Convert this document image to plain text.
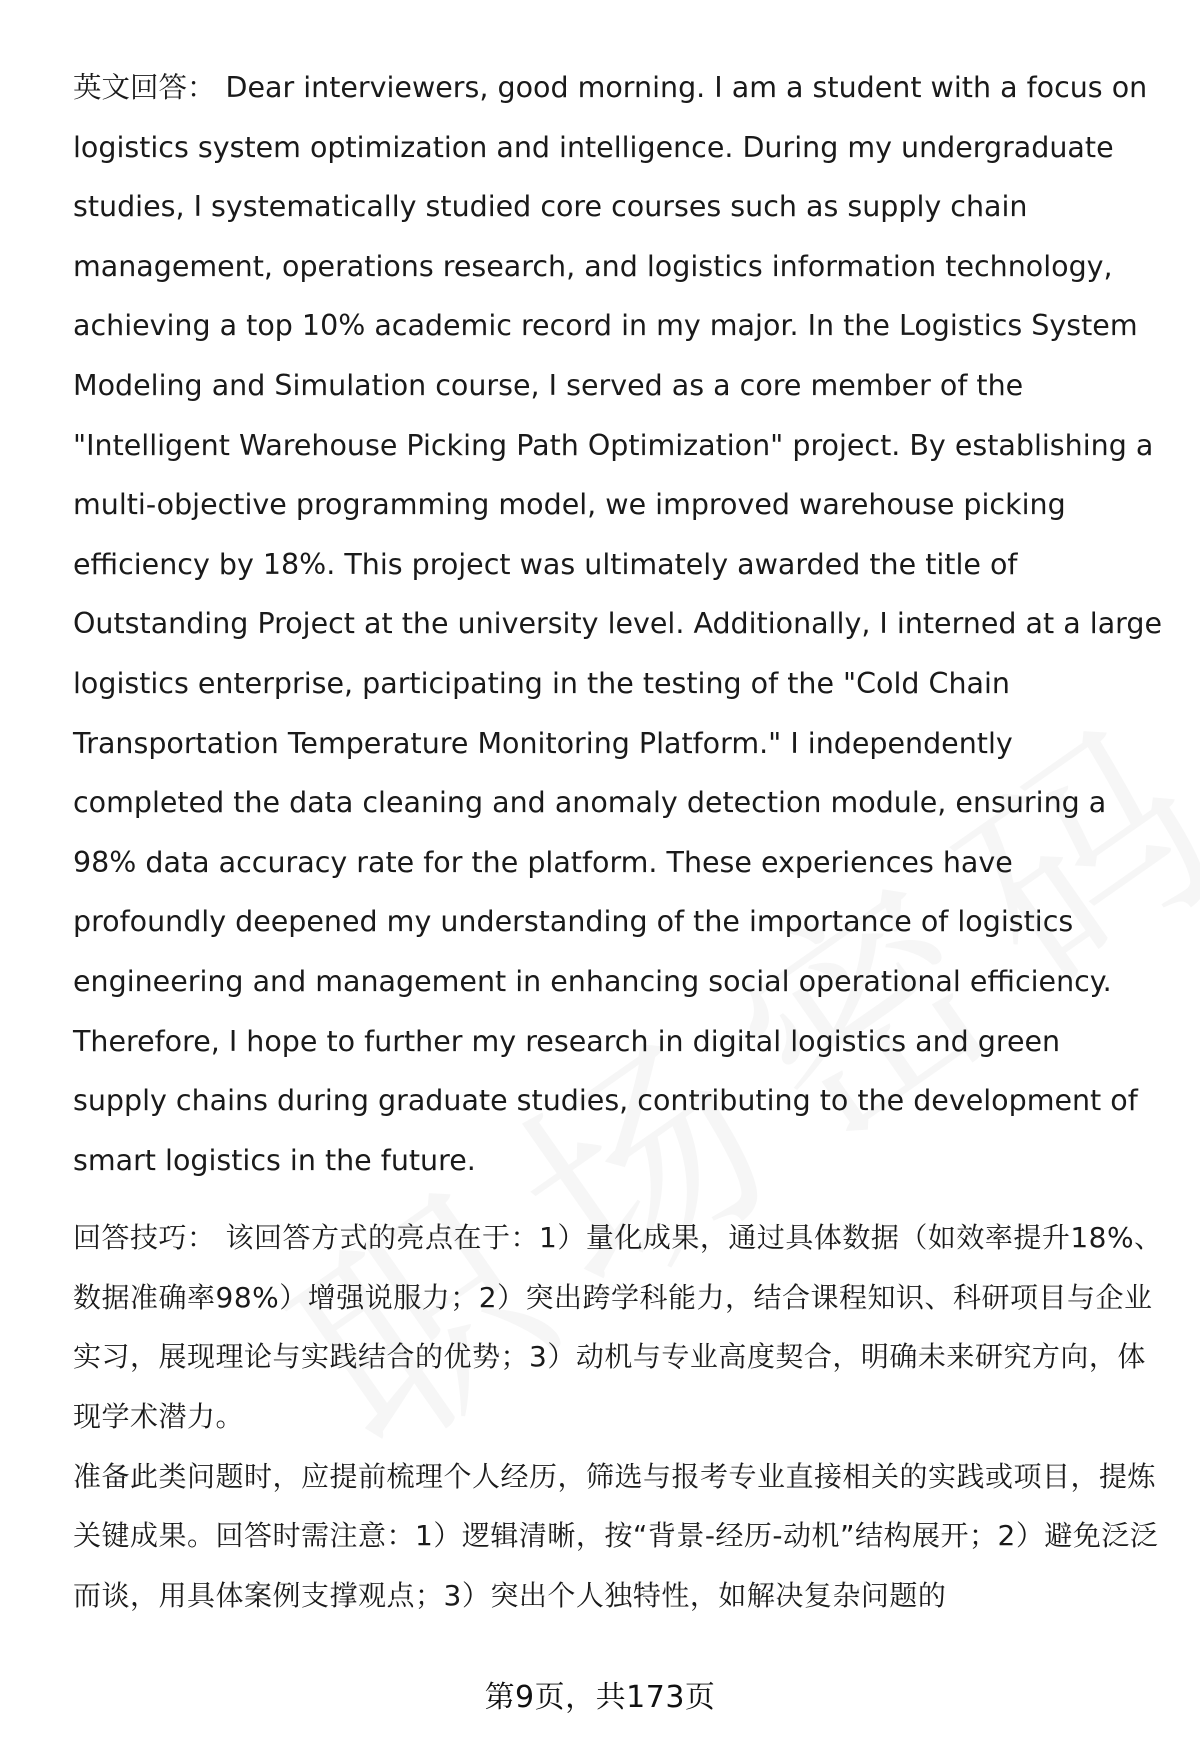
英文回答： Dear interviewers, good morning. I am a student with a focus on logistics system optimization and intelligence. During my undergraduate studies, I systematically studied core courses such as supply chain management, operations research, and logistics information technology, achieving a top 10% academic record in my major. In the Logistics System Modeling and Simulation course, I served as a core member of the "Intelligent Warehouse Picking Path Optimization" project. By establishing a multi-objective programming model, we improved warehouse picking efficiency by 18%. This project was ultimately awarded the title of Outstanding Project at the university level. Additionally, I interned at a large logistics enterprise, participating in the testing of the "Cold Chain Transportation Temperature Monitoring Platform." I independently completed the data cleaning and anomaly detection module, ensuring a 98% data accuracy rate for the platform. These experiences have profoundly deepened my understanding of the importance of logistics engineering and management in enhancing social operational efficiency. Therefore, I hope to further my research in digital logistics and green supply chains during graduate studies, contributing to the development of smart logistics in the future.

回答技巧： 该回答方式的亮点在于：1）量化成果，通过具体数据（如效率提升18%、数据准确率98%）增强说服力；2）突出跨学科能力，结合课程知识、科研项目与企业实习，展现理论与实践结合的优势；3）动机与专业高度契合，明确未来研究方向，体现学术潜力。

准备此类问题时，应提前梳理个人经历，筛选与报考专业直接相关的实践或项目，提炼关键成果。回答时需注意：1）逻辑清晰，按“背景-经历-动机”结构展开；2）避免泛泛而谈，用具体案例支撑观点；3）突出个人独特性，如解决复杂问题的

第9页，共173页
